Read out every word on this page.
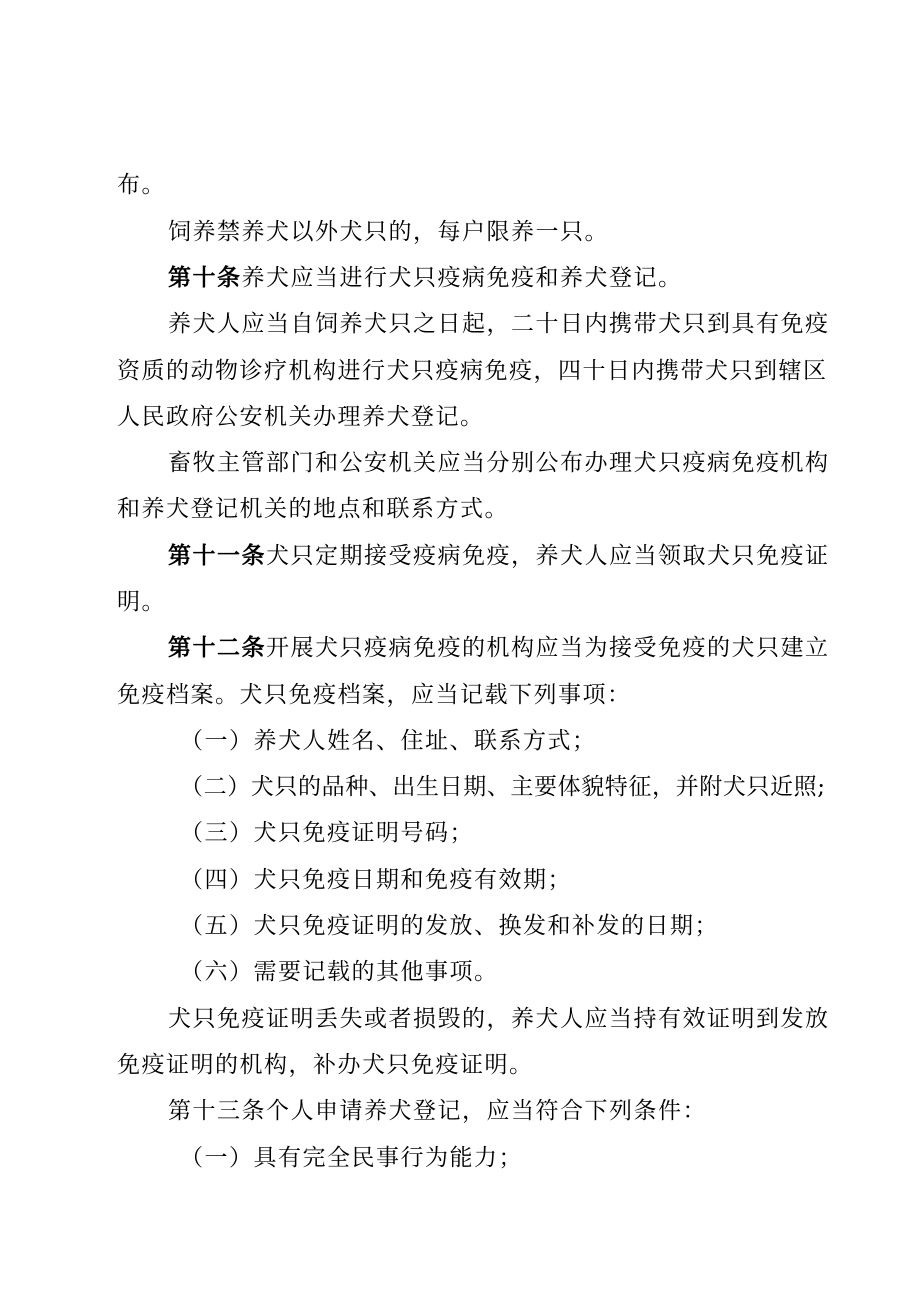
布。
饲养禁养犬以外犬只的，每户限养一只。
第十条养犬应当进行犬只疫病免疫和养犬登记。
养犬人应当自饲养犬只之日起，二十日内携带犬只到具有免疫
资质的动物诊疗机构进行犬只疫病免疫，四十日内携带犬只到辖区
人民政府公安机关办理养犬登记。
畜牧主管部门和公安机关应当分别公布办理犬只疫病免疫机构
和养犬登记机关的地点和联系方式。
第十一条犬只定期接受疫病免疫，养犬人应当领取犬只免疫证
明。
第十二条开展犬只疫病免疫的机构应当为接受免疫的犬只建立
免疫档案。犬只免疫档案，应当记载下列事项：
（一）养犬人姓名、住址、联系方式；
（二）犬只的品种、出生日期、主要体貌特征，并附犬只近照;
（三）犬只免疫证明号码；
（四）犬只免疫日期和免疫有效期；
（五）犬只免疫证明的发放、换发和补发的日期；
（六）需要记载的其他事项。
犬只免疫证明丢失或者损毁的，养犬人应当持有效证明到发放
免疫证明的机构，补办犬只免疫证明。
第十三条个人申请养犬登记，应当符合下列条件：
（一）具有完全民事行为能力；
